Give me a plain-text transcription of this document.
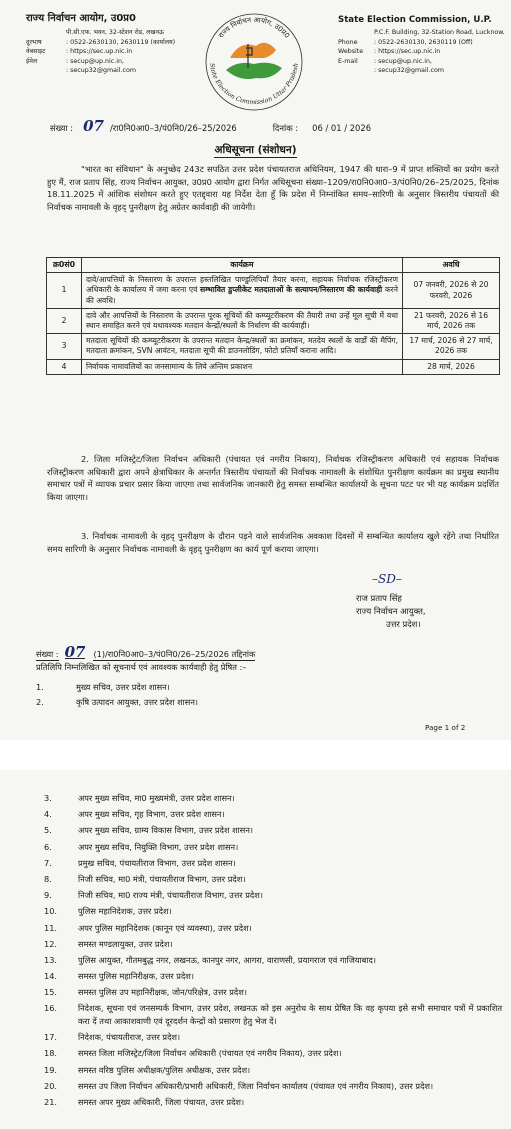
राज्य निर्वाचन आयोग, उ0प्र0
पी.सी.एफ. भवन, 32-स्टेशन रोड, लखनऊ
दूरभाष	: 0522-2630130, 2630119 (कार्यालय)
वेबसाइट	: https://sec.up.nic.in
ईमेल	: secup@up.nic.in,
: secup32@gmail.com
राज्य निर्वाचन आयोग, उ0प्र0
State Election Commission Uttar Pradesh
State Election Commission, U.P.
P.C.F. Building, 32-Station Road, Lucknow.
Phone	: 0522-2630130, 2630119 (Off)
Website	: https://sec.up.nic.in
E-mail	: secup@up.nic.in,
: secup32@gmail.com
संख्या : 07 /रा0नि0आ0–3/पं0नि0/26–25/2026	दिनांक : 06 / 01 / 2026
अधिसूचना (संशोधन)
"भारत का संविधान" के अनुच्छेद 243ट सपठित उत्तर प्रदेश पंचायतराज अधिनियम, 1947 की धारा–9 में प्राप्त शक्तियों का प्रयोग करते हुए मैं, राज प्रताप सिंह, राज्य निर्वाचन आयुक्त, उ0प्र0 आयोग द्वारा निर्गत अधिसूचना संख्या–1209/रा0नि0आ0–3/पं0नि0/26–25/2025, दिनांक 18.11.2025 में आंशिक संशोधन करते हुए एतद्द्वारा यह निर्देश देता हूँ कि प्रदेश में निम्नांकित समय–सारिणी के अनुसार त्रिस्तरीय पंचायतों की निर्वाचक नामावली के वृहद् पुनरीक्षण हेतु अग्रेतर कार्यवाही की जायेगी।
क्र0सं0	कार्यक्रम	अवधि
1	दावे/आपत्तियों के निस्तारण के उपरान्त हस्तलिखित पाण्डुलिपियाँ तैयार करना, सहायक निर्वाचक रजिस्ट्रीकरण अधिकारी के कार्यालय में जमा करना एवं सम्भावित डुप्लीकेट मतदाताओं के सत्यापन/निस्तारण की कार्यवाही करने की अवधि।	07 जनवरी, 2026 से 20 फरवरी, 2026
2	दावे और आपत्तियों के निस्तारण के उपरान्त पूरक सूचियों की कम्प्यूटरीकरण की तैयारी तथा उन्हें मूल सूची में यथा स्थान समाहित करने एवं यथावश्यक मतदान केन्द्रों/स्थलों के निर्धारण की कार्यवाही।	21 फरवरी, 2026 से 16 मार्च, 2026 तक
3	मतदाता सूचियों की कम्प्यूटरीकरण के उपरान्त मतदान केन्द्र/स्थलों का क्रमांकन, मतदेय स्थलों के वार्डों की मैपिंग, मतदाता क्रमांकन, SVN आवंटन, मतदाता सूची की डाउनलोडिंग, फोटो प्रतियाँ कराना आदि।	17 मार्च, 2026 से 27 मार्च, 2026 तक
4	निर्वाचक नामावलियों का जनसामान्य के लिये अन्तिम प्रकाशन	28 मार्च, 2026
2. जिला मजिस्ट्रेट/जिला निर्वाचन अधिकारी (पंचायत एवं नगरीय निकाय), निर्वाचक रजिस्ट्रीकरण अधिकारी एवं सहायक निर्वाचक रजिस्ट्रीकरण अधिकारी द्वारा अपने क्षेत्राधिकार के अन्तर्गत त्रिस्तरीय पंचायतों की निर्वाचक नामावली के संशोधित पुनरीक्षण कार्यक्रम का प्रमुख स्थानीय समाचार पत्रों में व्यापक प्रचार प्रसार किया जाएगा तथा सार्वजनिक जानकारी हेतु समस्त सम्बन्धित कार्यालयों के सूचना पटट पर भी यह कार्यक्रम प्रदर्शित किया जाएगा।
3. निर्वाचक नामावली के वृहद् पुनरीक्षण के दौरान पड़ने वाले सार्वजनिक अवकाश दिवसों में सम्बन्धित कार्यालय खुले रहेंगे तथा निर्धारित समय सारिणी के अनुसार निर्वाचक नामावली के वृहद् पुनरीक्षण का कार्य पूर्ण कराया जाएगा।
–SD–
राज प्रताप सिंह
राज्य निर्वाचन आयुक्त,
उत्तर प्रदेश।
संख्या : 07 (1)/रा0नि0आ0–3/पं0नि0/26–25/2026 तद्दिनांक
प्रतिलिपि निम्नलिखित को सूचनार्थ एवं आवश्यक कार्यवाही हेतु प्रेषित :–
1.	मुख्य सचिव, उत्तर प्रदेश शासन।
2.	कृषि उत्पादन आयुक्त, उत्तर प्रदेश शासन।
Page 1 of 2
3.	अपर मुख्य सचिव, मा0 मुख्यमंत्री, उत्तर प्रदेश शासन।
4.	अपर मुख्य सचिव, गृह विभाग, उत्तर प्रदेश शासन।
5.	अपर मुख्य सचिव, ग्राम्य विकास विभाग, उत्तर प्रदेश शासन।
6.	अपर मुख्य सचिव, नियुक्ति विभाग, उत्तर प्रदेश शासन।
7.	प्रमुख सचिव, पंचायतीराज विभाग, उत्तर प्रदेश शासन।
8.	निजी सचिव, मा0 मंत्री, पंचायतीराज विभाग, उत्तर प्रदेश।
9.	निजी सचिव, मा0 राज्य मंत्री, पंचायतीराज विभाग, उत्तर प्रदेश।
10.	पुलिस महानिदेशक, उत्तर प्रदेश।
11.	अपर पुलिस महानिदेशक (कानून एवं व्यवस्था), उत्तर प्रदेश।
12.	समस्त मण्डलायुक्त, उत्तर प्रदेश।
13.	पुलिस आयुक्त, गौतमबुद्ध नगर, लखनऊ, कानपुर नगर, आगरा, वाराणसी, प्रयागराज एवं गाजियाबाद।
14.	समस्त पुलिस महानिरीक्षक, उत्तर प्रदेश।
15.	समस्त पुलिस उप महानिरीक्षक, जोन/परिक्षेत्र, उत्तर प्रदेश।
16.	निदेशक, सूचना एवं जनसम्पर्क विभाग, उत्तर प्रदेश, लखनऊ को इस अनुरोध के साथ प्रेषित कि वह कृपया इसे सभी समाचार पत्रों में प्रकाशित करा दें तथा आकाशवाणी एवं दूरदर्शन केन्द्रों को प्रसारण हेतु भेज दें।
17.	निदेशक, पंचायतीराज, उत्तर प्रदेश।
18.	समस्त जिला मजिस्ट्रेट/जिला निर्वाचन अधिकारी (पंचायत एवं नगरीय निकाय), उत्तर प्रदेश।
19.	समस्त वरिष्ठ पुलिस अधीक्षक/पुलिस अधीक्षक, उत्तर प्रदेश।
20.	समस्त उप जिला निर्वाचन अधिकारी/प्रभारी अधिकारी, जिला निर्वाचन कार्यालय (पंचायत एवं नगरीय निकाय), उत्तर प्रदेश।
21.	समस्त अपर मुख्य अधिकारी, जिला पंचायत, उत्तर प्रदेश।
